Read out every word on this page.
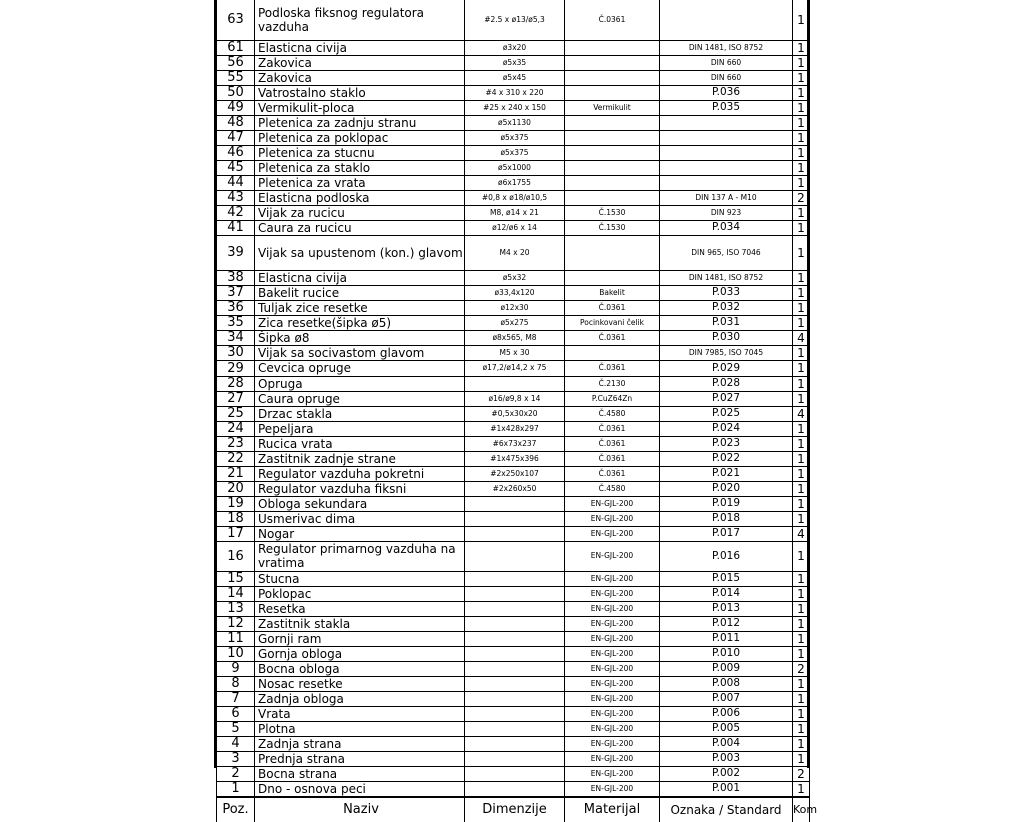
63	Podloska fiksnog regulatora vazduha	#2.5 x ø13/ø5,3	Č.0361		1
61	Elasticna civija	ø3x20		DIN 1481, ISO 8752	1
56	Zakovica	ø5x35		DIN 660	1
55	Zakovica	ø5x45		DIN 660	1
50	Vatrostalno staklo	#4 x 310 x 220		P.036	1
49	Vermikulit-ploca	#25 x 240 x 150	Vermikulit	P.035	1
48	Pletenica za zadnju stranu	ø5x1130			1
47	Pletenica za poklopac	ø5x375			1
46	Pletenica za stucnu	ø5x375			1
45	Pletenica za staklo	ø5x1000			1
44	Pletenica za vrata	ø6x1755			1
43	Elasticna podloska	#0,8 x ø18/ø10,5		DIN 137 A - M10	2
42	Vijak za rucicu	M8, ø14 x 21	Č.1530	DIN 923	1
41	Caura za rucicu	ø12/ø6 x 14	Č.1530	P.034	1
39	Vijak sa upustenom (kon.) glavom	M4 x 20		DIN 965, ISO 7046	1
38	Elasticna civija	ø5x32		DIN 1481, ISO 8752	1
37	Bakelit rucice	ø33,4x120	Bakelit	P.033	1
36	Tuljak zice resetke	ø12x30	Č.0361	P.032	1
35	Zica resetke(šipka ø5)	ø5x275	Pocinkovani čelik	P.031	1
34	Šipka ø8	ø8x565, M8	Č.0361	P.030	4
30	Vijak sa socivastom glavom	M5 x 30		DIN 7985, ISO 7045	1
29	Cevcica opruge	ø17,2/ø14,2 x 75	Č.0361	P.029	1
28	Opruga		Č.2130	P.028	1
27	Caura opruge	ø16/ø9,8 x 14	P.CuZ64Zn	P.027	1
25	Drzac stakla	#0,5x30x20	Č.4580	P.025	4
24	Pepeljara	#1x428x297	Č.0361	P.024	1
23	Rucica vrata	#6x73x237	Č.0361	P.023	1
22	Zastitnik zadnje strane	#1x475x396	Č.0361	P.022	1
21	Regulator vazduha pokretni	#2x250x107	Č.0361	P.021	1
20	Regulator vazduha fiksni	#2x260x50	Č.4580	P.020	1
19	Obloga sekundara		EN-GJL-200	P.019	1
18	Usmerivac dima		EN-GJL-200	P.018	1
17	Nogar		EN-GJL-200	P.017	4
16	Regulator primarnog vazduha na vratima		EN-GJL-200	P.016	1
15	Stucna		EN-GJL-200	P.015	1
14	Poklopac		EN-GJL-200	P.014	1
13	Resetka		EN-GJL-200	P.013	1
12	Zastitnik stakla		EN-GJL-200	P.012	1
11	Gornji ram		EN-GJL-200	P.011	1
10	Gornja obloga		EN-GJL-200	P.010	1
9	Bocna obloga		EN-GJL-200	P.009	2
8	Nosac resetke		EN-GJL-200	P.008	1
7	Zadnja obloga		EN-GJL-200	P.007	1
6	Vrata		EN-GJL-200	P.006	1
5	Plotna		EN-GJL-200	P.005	1
4	Zadnja strana		EN-GJL-200	P.004	1
3	Prednja strana		EN-GJL-200	P.003	1
2	Bocna strana		EN-GJL-200	P.002	2
1	Dno - osnova peci		EN-GJL-200	P.001	1
Poz.	Naziv	Dimenzije	Materijal	Oznaka / Standard	Kom
